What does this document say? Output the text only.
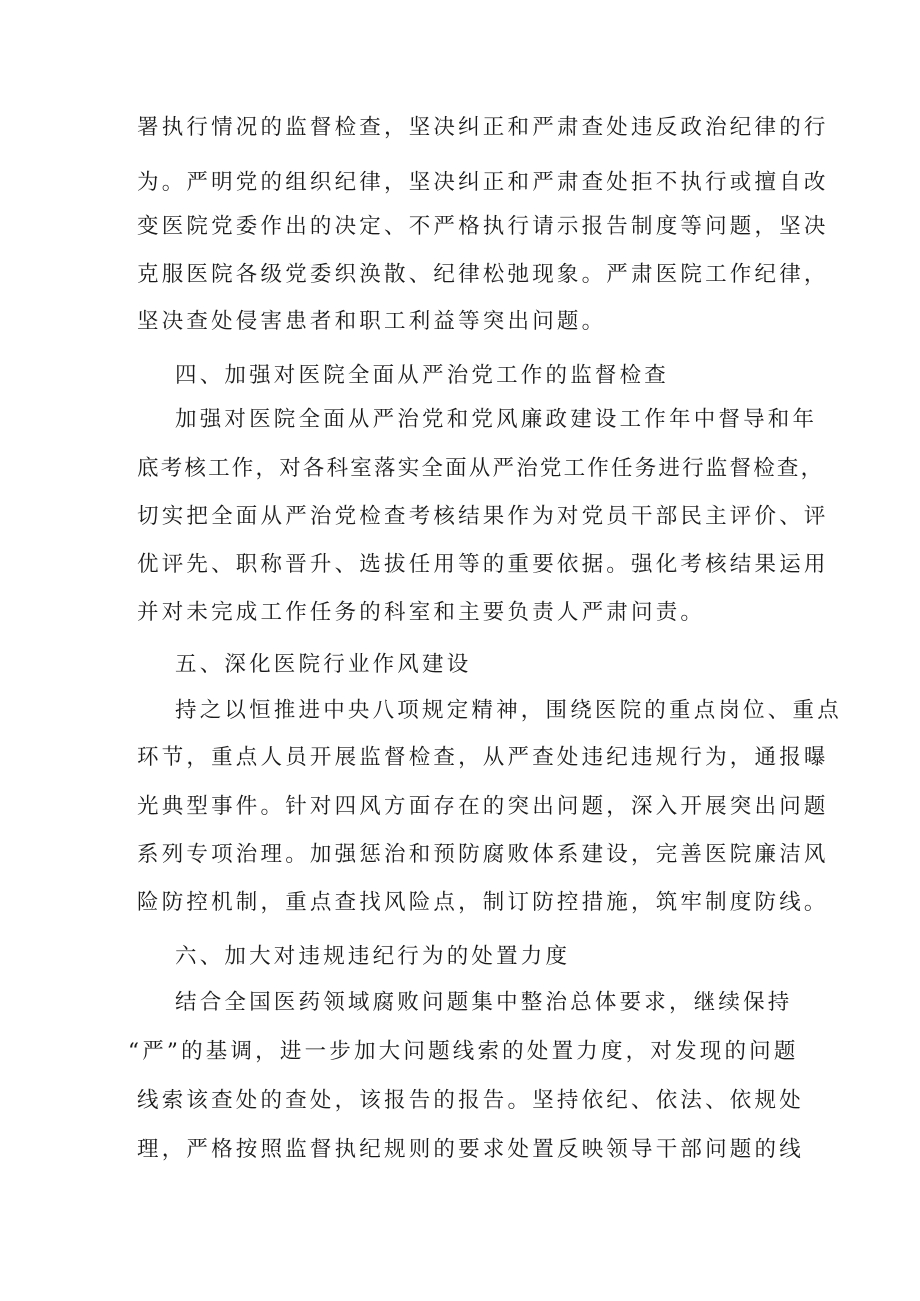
署执行情况的监督检查，坚决纠正和严肃查处违反政治纪律的行
为。严明党的组织纪律，坚决纠正和严肃查处拒不执行或擅自改
变医院党委作出的决定、不严格执行请示报告制度等问题，坚决
克服医院各级党委织涣散、纪律松弛现象。严肃医院工作纪律，
坚决查处侵害患者和职工利益等突出问题。
四、加强对医院全面从严治党工作的监督检查
加强对医院全面从严治党和党风廉政建设工作年中督导和年
底考核工作，对各科室落实全面从严治党工作任务进行监督检查，
切实把全面从严治党检查考核结果作为对党员干部民主评价、评
优评先、职称晋升、选拔任用等的重要依据。强化考核结果运用
并对未完成工作任务的科室和主要负责人严肃问责。
五、深化医院行业作风建设
持之以恒推进中央八项规定精神，围绕医院的重点岗位、重点
环节，重点人员开展监督检查，从严查处违纪违规行为，通报曝
光典型事件。针对四风方面存在的突出问题，深入开展突出问题
系列专项治理。加强惩治和预防腐败体系建设，完善医院廉洁风
险防控机制，重点查找风险点，制订防控措施，筑牢制度防线。
六、加大对违规违纪行为的处置力度
结合全国医药领域腐败问题集中整治总体要求，继续保持
“严”的基调，进一步加大问题线索的处置力度，对发现的问题
线索该查处的查处，该报告的报告。坚持依纪、依法、依规处
理，严格按照监督执纪规则的要求处置反映领导干部问题的线
